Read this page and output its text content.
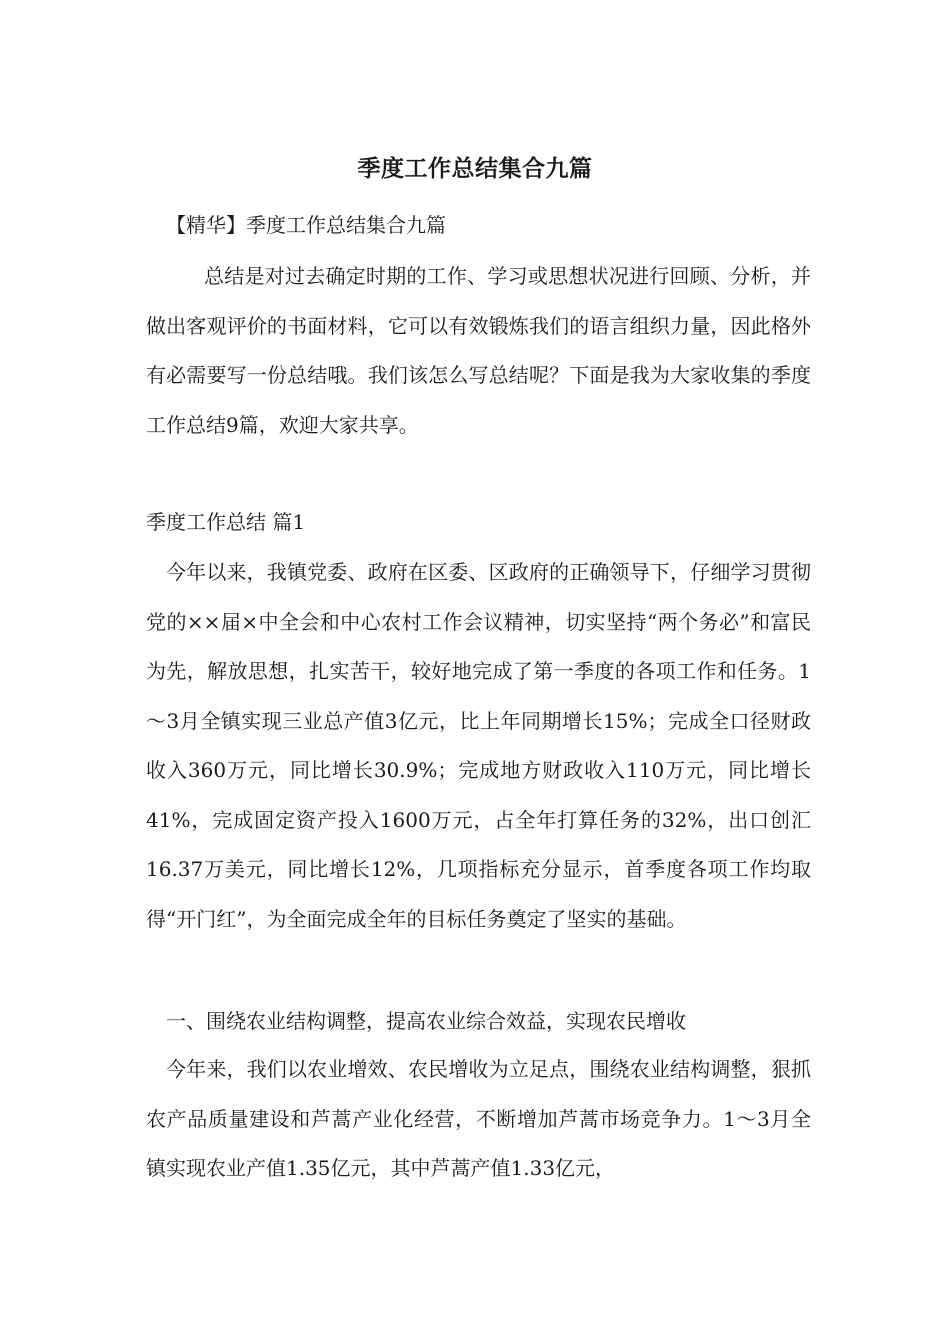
季度工作总结集合九篇
【精华】季度工作总结集合九篇

总结是对过去确定时期的工作、学习或思想状况进行回顾、分析，并做出客观评价的书面材料，它可以有效锻炼我们的语言组织力量，因此格外有必需要写一份总结哦。我们该怎么写总结呢？下面是我为大家收集的季度工作总结9篇，欢迎大家共享。

季度工作总结 篇1

今年以来，我镇党委、政府在区委、区政府的正确领导下，仔细学习贯彻党的××届×中全会和中心农村工作会议精神，切实坚持“两个务必”和富民为先，解放思想，扎实苦干，较好地完成了第一季度的各项工作和任务。1～3月全镇实现三业总产值3亿元，比上年同期增长15%；完成全口径财政收入360万元，同比增长30.9%；完成地方财政收入110万元，同比增长41%，完成固定资产投入1600万元，占全年打算任务的32%，出口创汇16.37万美元，同比增长12%，几项指标充分显示，首季度各项工作均取得“开门红”，为全面完成全年的目标任务奠定了坚实的基础。

一、围绕农业结构调整，提高农业综合效益，实现农民增收

今年来，我们以农业增效、农民增收为立足点，围绕农业结构调整，狠抓农产品质量建设和芦蒿产业化经营，不断增加芦蒿市场竞争力。1～3月全镇实现农业产值1.35亿元，其中芦蒿产值1.33亿元，
